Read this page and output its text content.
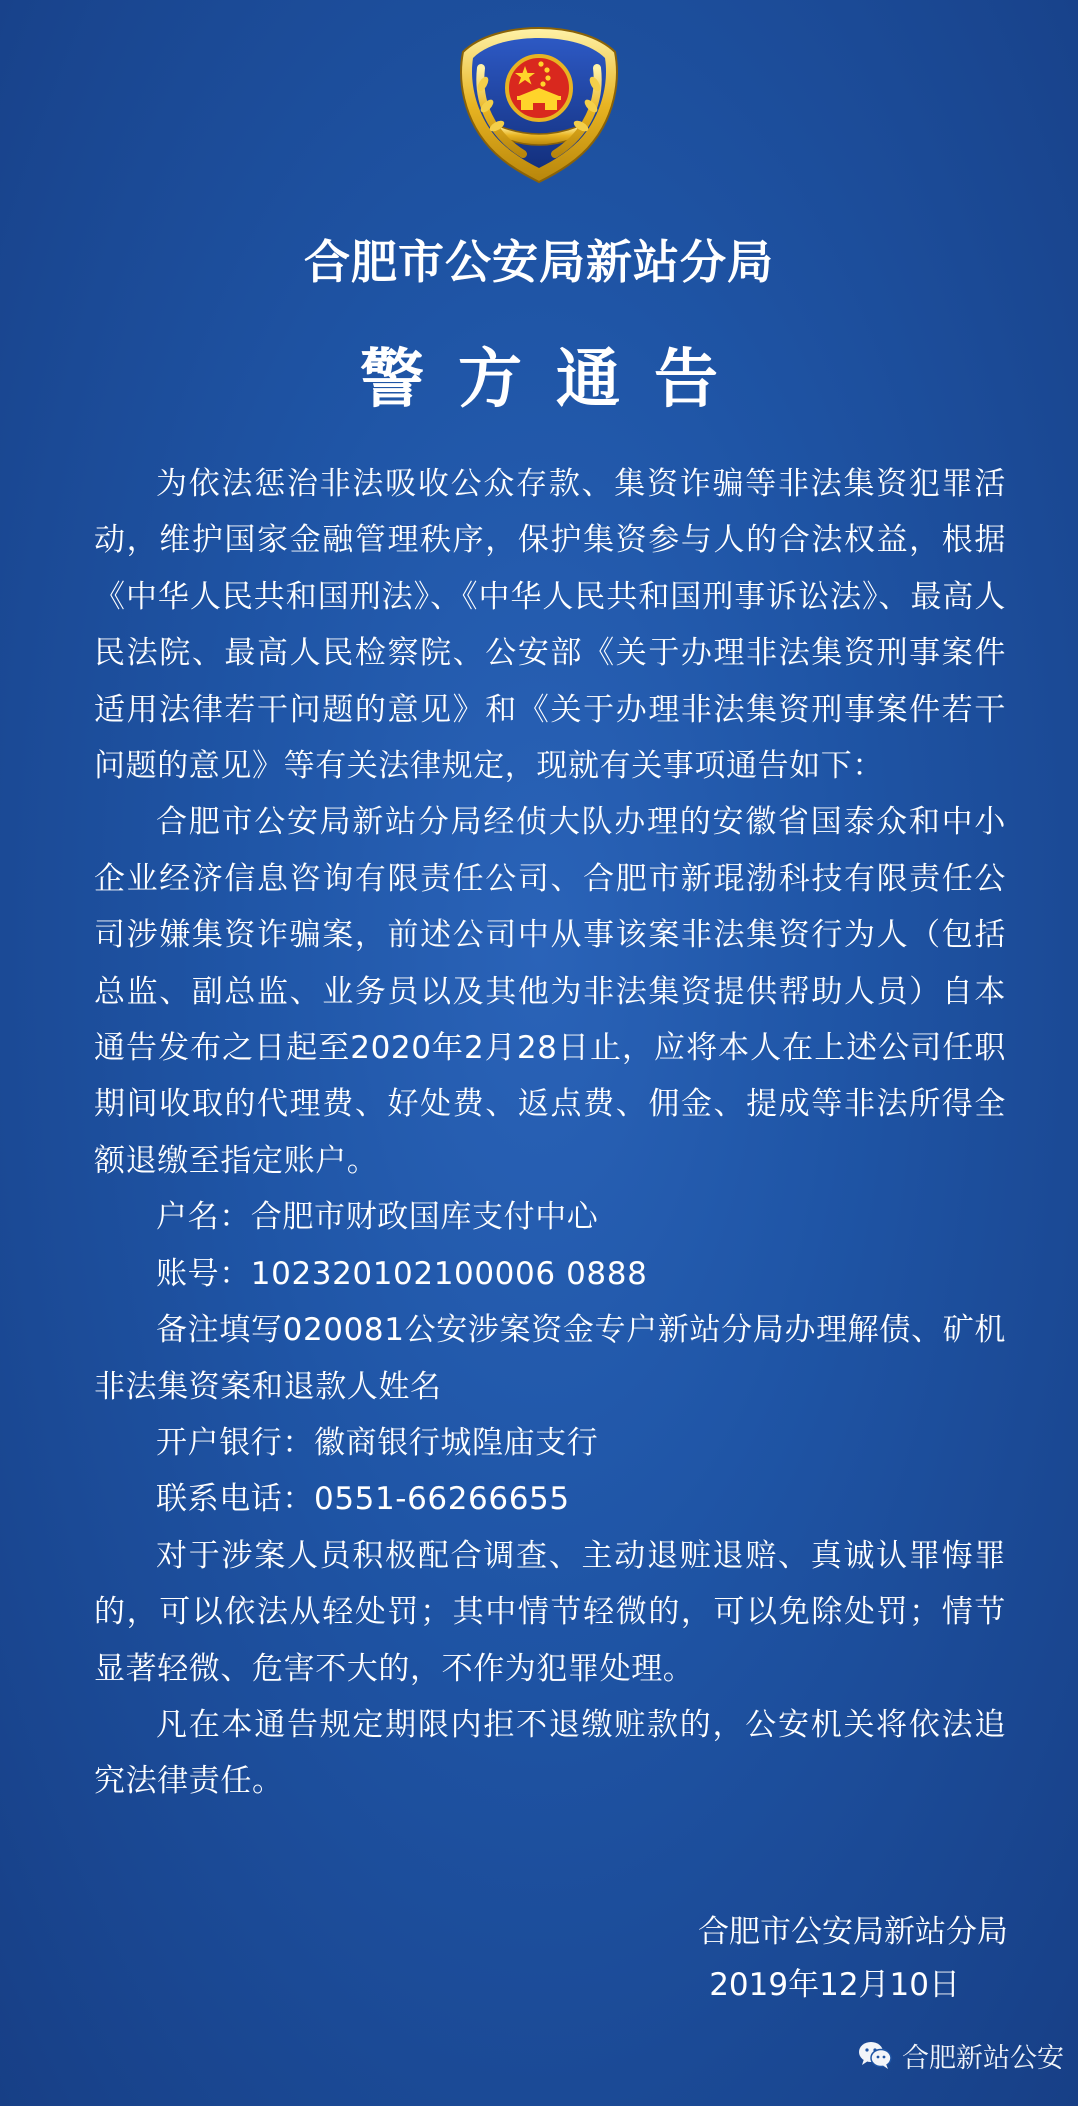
合肥市公安局新站分局
警方通告

为依法惩治非法吸收公众存款、集资诈骗等非法集资犯罪活动，维护国家金融管理秩序，保护集资参与人的合法权益，根据《中华人民共和国刑法》、《中华人民共和国刑事诉讼法》、最高人民法院、最高人民检察院、公安部《关于办理非法集资刑事案件适用法律若干问题的意见》和《关于办理非法集资刑事案件若干问题的意见》等有关法律规定，现就有关事项通告如下：

合肥市公安局新站分局经侦大队办理的安徽省国泰众和中小企业经济信息咨询有限责任公司、合肥市新琨渤科技有限责任公司涉嫌集资诈骗案，前述公司中从事该案非法集资行为人（包括总监、副总监、业务员以及其他为非法集资提供帮助人员）自本通告发布之日起至2020年2月28日止，应将本人在上述公司任职期间收取的代理费、好处费、返点费、佣金、提成等非法所得全额退缴至指定账户。

户名：合肥市财政国库支付中心

账号：102320102100006 0888

备注填写020081公安涉案资金专户新站分局办理解债、矿机非法集资案和退款人姓名

开户银行：徽商银行城隍庙支行

联系电话：0551-66266655

对于涉案人员积极配合调查、主动退赃退赔、真诚认罪悔罪的，可以依法从轻处罚；其中情节轻微的，可以免除处罚；情节显著轻微、危害不大的，不作为犯罪处理。

凡在本通告规定期限内拒不退缴赃款的，公安机关将依法追究法律责任。

合肥市公安局新站分局
2019年12月10日
合肥新站公安
